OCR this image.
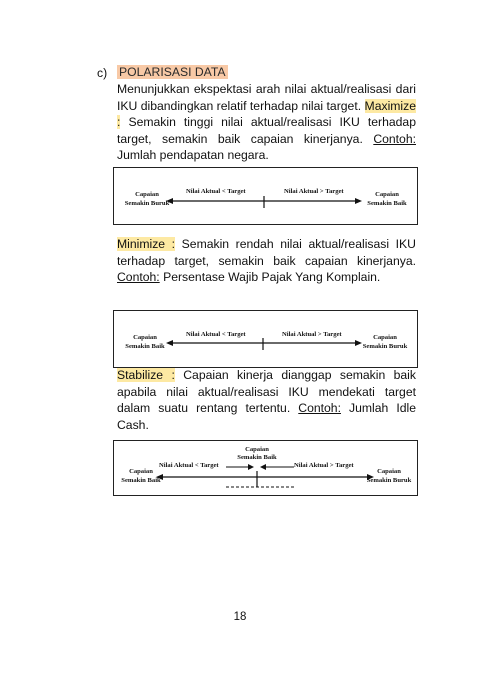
c) POLARISASI DATA
Menunjukkan ekspektasi arah nilai aktual/realisasi dari IKU dibandingkan relatif terhadap nilai target. Maximize : Semakin tinggi nilai aktual/realisasi IKU terhadap target, semakin baik capaian kinerjanya. Contoh: Jumlah pendapatan negara.
Capaian
Semakin Buruk
Nilai Aktual < Target	Nilai Aktual > Target	Capaian
Semakin Baik
Minimize : Semakin rendah nilai aktual/realisasi IKU terhadap target, semakin baik capaian kinerjanya. Contoh: Persentase Wajib Pajak Yang Komplain.
Capaian
Semakin Baik
Nilai Aktual < Target	Nilai Aktual > Target	Capaian
Semakin Buruk
Stabilize : Capaian kinerja dianggap semakin baik apabila nilai aktual/realisasi IKU mendekati target dalam suatu rentang tertentu. Contoh: Jumlah Idle Cash.
Capaian
Semakin Baik
Nilai Aktual < Target	Nilai Aktual > Target
Capaian
Semakin Baik
Capaian
Semakin Buruk
18
